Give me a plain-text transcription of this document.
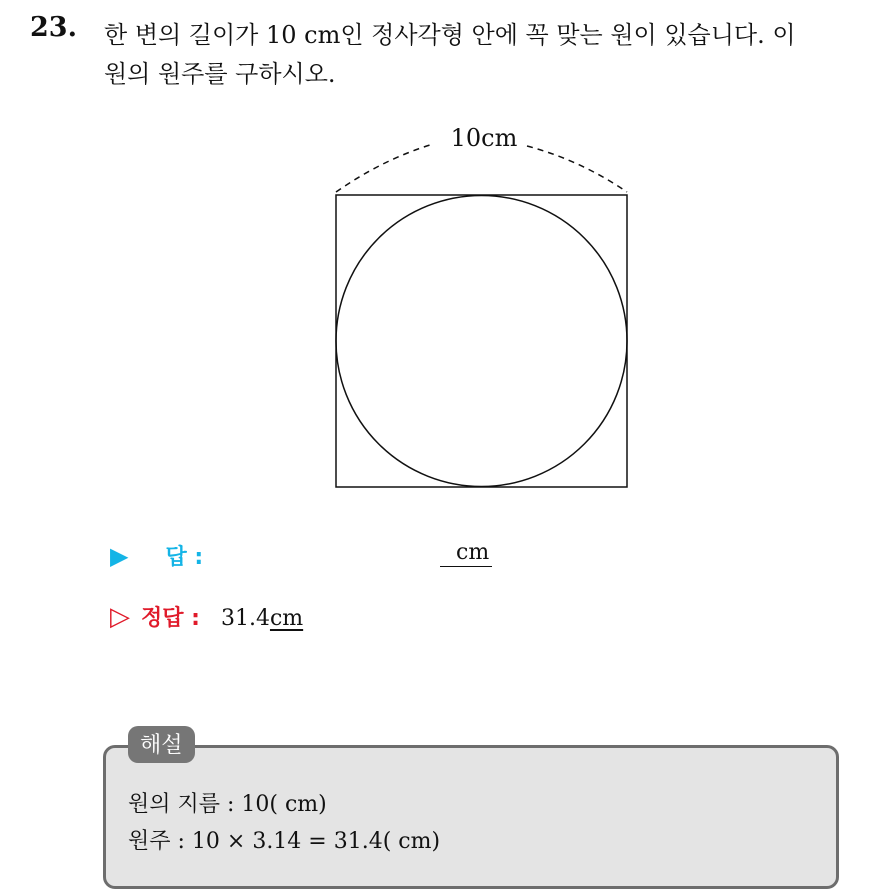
23. 한 변의 길이가 10 cm인 정사각형 안에 꼭 맞는 원이 있습니다. 이
원의 원주를 구하시오.
10cm
▶ 답 :	cm
▷ 정답 : 31.4cm
해설
원의 지름 : 10( cm)
원주 : 10 × 3.14 = 31.4( cm)
